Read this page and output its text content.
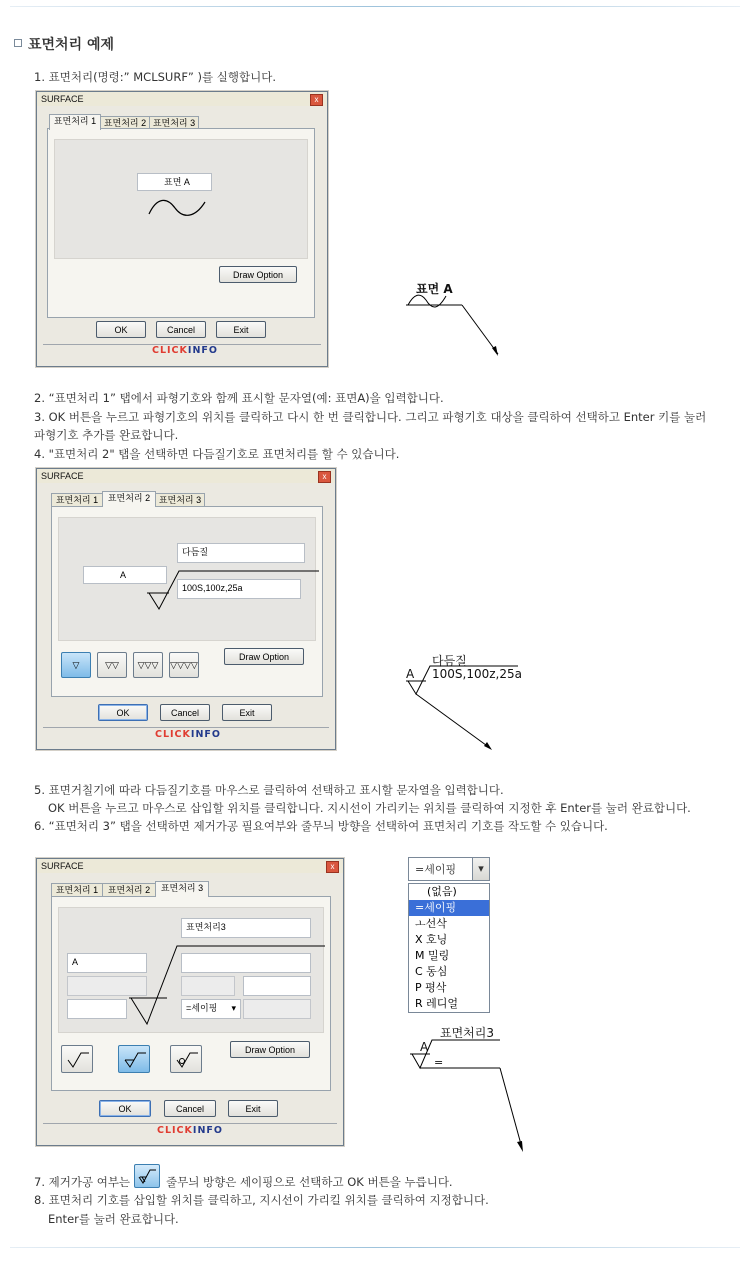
표면처리 예제
1. 표면처리(명령:” MCLSURF” )를 실행합니다.
2. “표면처리 1” 탭에서 파형기호와 함께 표시할 문자열(예: 표면A)을 입력합니다.
3. OK 버튼을 누르고 파형기호의 위치를 클릭하고 다시 한 번 클릭합니다. 그리고 파형기호 대상을 클릭하여 선택하고 Enter 키를 눌러
파형기호 추가를 완료합니다.
4. "표면처리 2" 탭을 선택하면 다듬질기호로 표면처리를 할 수 있습니다.
5. 표면거칠기에 따라 다듬질기호를 마우스로 클릭하여 선택하고 표시할 문자열을 입력합니다.
OK 버튼을 누르고 마우스로 삽입할 위치를 클릭합니다. 지시선이 가리키는 위치를 클릭하여 지정한 후 Enter를 눌러 완료합니다.
6. “표면처리 3” 탭을 선택하면 제거가공 필요여부와 줄무늬 방향을 선택하여 표면처리 기호를 작도할 수 있습니다.
7. 제거가공 여부는	줄무늬 방향은 세이핑으로 선택하고 OK 버튼을 누릅니다.
8. 표면처리 기호를 삽입할 위치를 클릭하고, 지시선이 가리킬 위치를 클릭하여 지정합니다.
Enter를 눌러 완료합니다.
SURFACE	x
표면처리 1 표면처리 2 표면처리 3
표면 A
Draw Option
OK	Cancel	Exit
CLICKINFO
표면 A
SURFACE	x
표면처리 1	표면처리 2 표면처리 3
다듬질
A
100S,100z,25a
▽	▽▽	▽▽▽	▽▽▽▽
Draw Option
OK	Cancel	Exit
CLICKINFO
다듬질
A 100S,100z,25a
SURFACE	x
표면처리 1	표면처리 2	표면처리 3
표면처리3
A
=세이핑 ▾
Draw Option
OK	Cancel	Exit
CLICKINFO
=세이핑	▾
(없음)
=세이핑
ㅗ선삭
X 호닝
M 밀링
C 동심
P 평삭
R 레디얼
표면처리3
A
=
